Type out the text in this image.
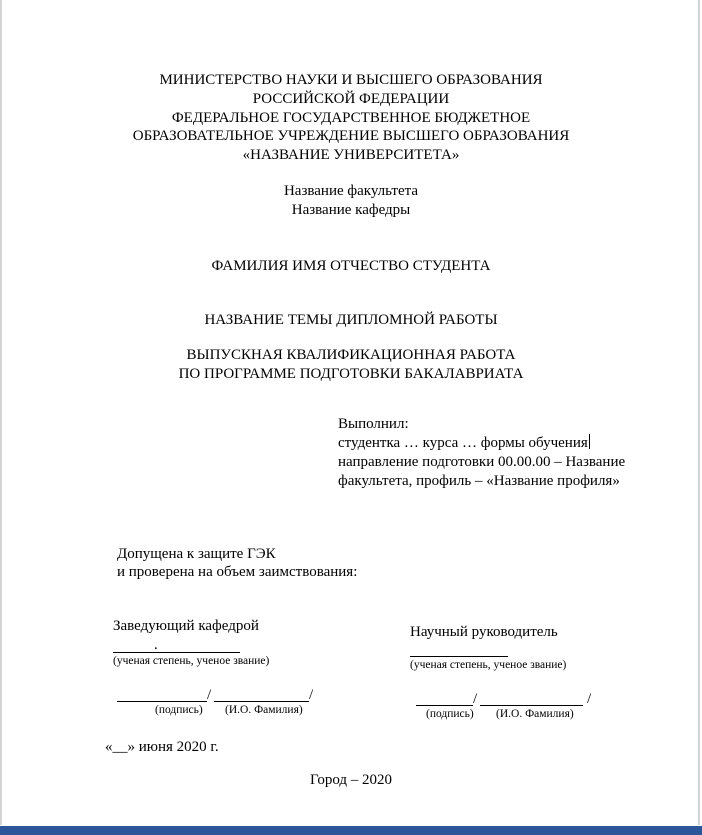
МИНИСТЕРСТВО НАУКИ И ВЫСШЕГО ОБРАЗОВАНИЯ
РОССИЙСКОЙ ФЕДЕРАЦИИ
ФЕДЕРАЛЬНОЕ ГОСУДАРСТВЕННОЕ БЮДЖЕТНОЕ
ОБРАЗОВАТЕЛЬНОЕ УЧРЕЖДЕНИЕ ВЫСШЕГО ОБРАЗОВАНИЯ
«НАЗВАНИЕ УНИВЕРСИТЕТА»
Название факультета
Название кафедры
ФАМИЛИЯ ИМЯ ОТЧЕСТВО СТУДЕНТА
НАЗВАНИЕ ТЕМЫ ДИПЛОМНОЙ РАБОТЫ
ВЫПУСКНАЯ КВАЛИФИКАЦИОННАЯ РАБОТА
ПО ПРОГРАММЕ ПОДГОТОВКИ БАКАЛАВРИАТА
Выполнил:
студентка … курса … формы обучения
направление подготовки 00.00.00 – Название
факультета, профиль – «Название профиля»
Допущена к защите ГЭК
и проверена на объем заимствования:
Заведующий кафедрой
.
(ученая степень, ученое звание)
/	/
(подпись) (И.О. Фамилия)
Научный руководитель
(ученая степень, ученое звание)
/	/
(подпись) (И.О. Фамилия)
«__» июня 2020 г.
Город – 2020
